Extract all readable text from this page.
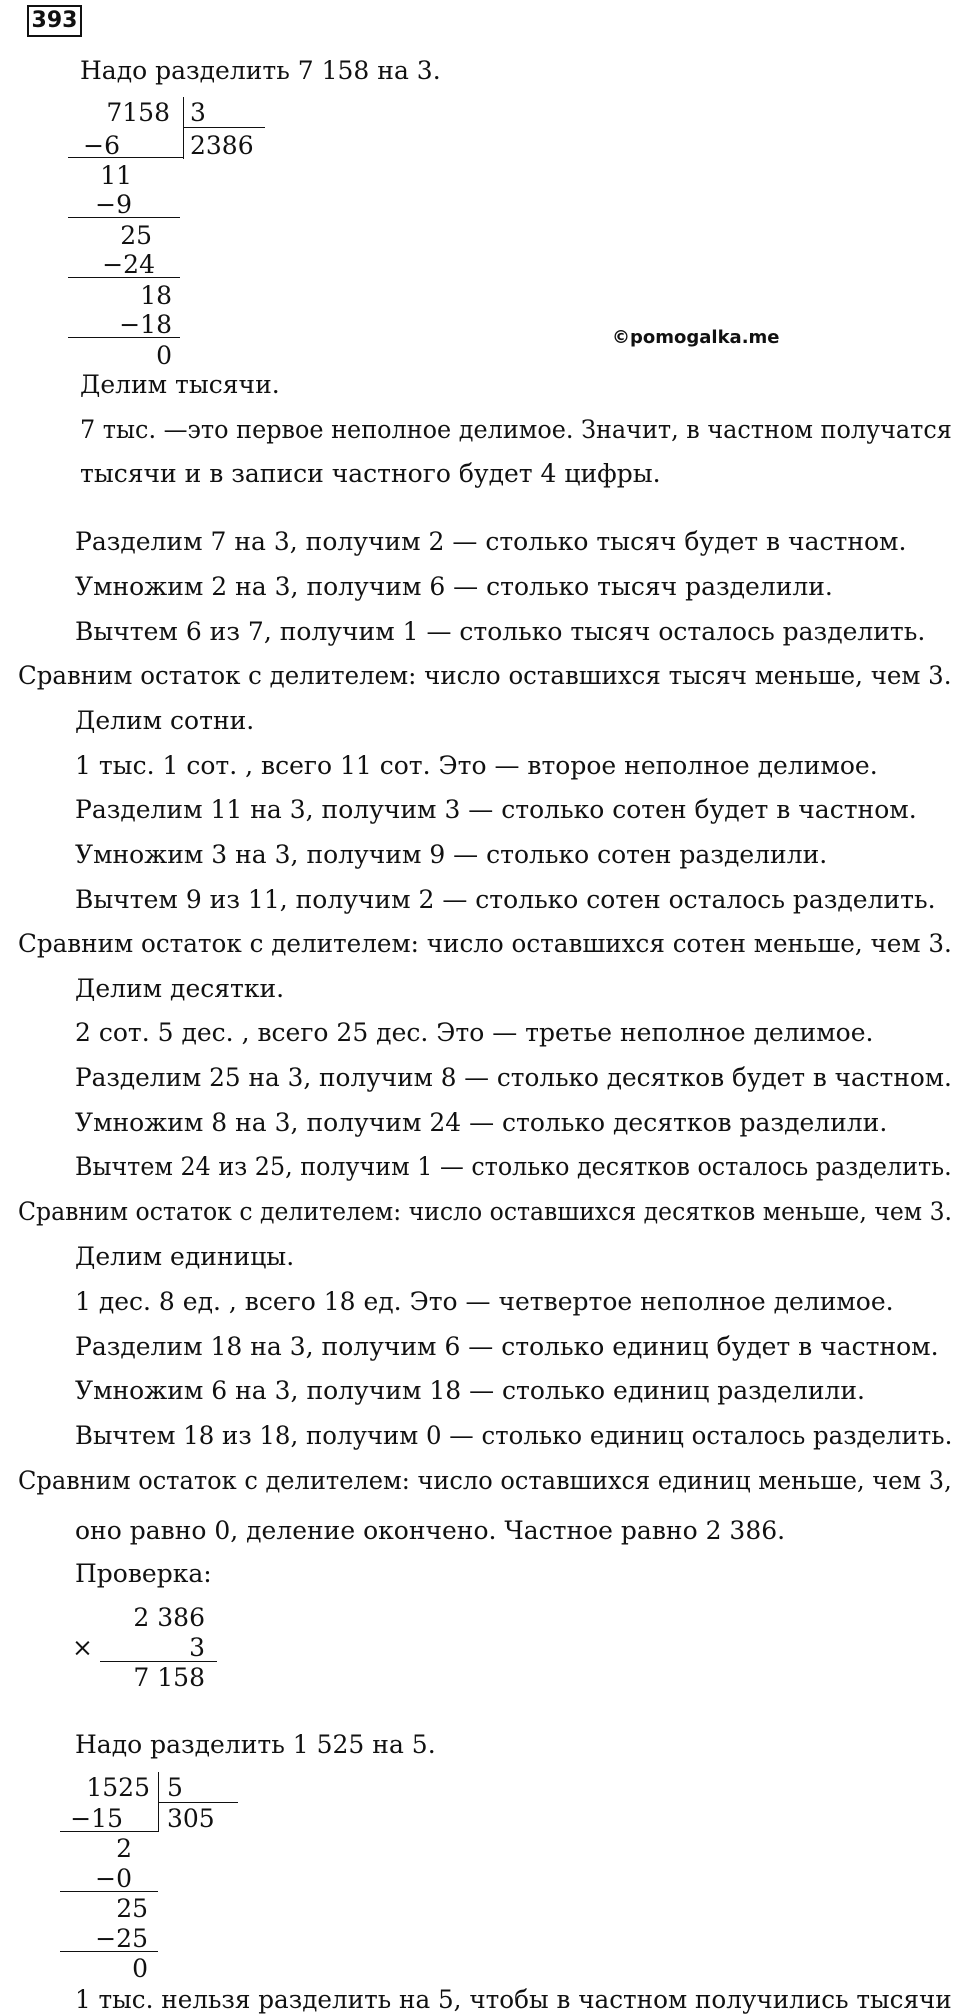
393
©pomogalka.me
Надо разделить 7 158 на 3.
7158 3
2386
−6
11
−9
25
−24
18
−18
0
Делим тысячи.
7 тыс. —это первое неполное делимое. Значит, в частном получатся
тысячи и в записи частного будет 4 цифры.
Разделим 7 на 3, получим 2 — столько тысяч будет в частном.
Умножим 2 на 3, получим 6 — столько тысяч разделили.
Вычтем 6 из 7, получим 1 — столько тысяч осталось разделить.
Сравним остаток с делителем: число оставшихся тысяч меньше, чем 3.
Делим сотни.
1 тыс. 1 сот. , всего 11 сот. Это — второе неполное делимое.
Разделим 11 на 3, получим 3 — столько сотен будет в частном.
Умножим 3 на 3, получим 9 — столько сотен разделили.
Вычтем 9 из 11, получим 2 — столько сотен осталось разделить.
Сравним остаток с делителем: число оставшихся сотен меньше, чем 3.
Делим десятки.
2 сот. 5 дес. , всего 25 дес. Это — третье неполное делимое.
Разделим 25 на 3, получим 8 — столько десятков будет в частном.
Умножим 8 на 3, получим 24 — столько десятков разделили.
Вычтем 24 из 25, получим 1 — столько десятков осталось разделить.
Сравним остаток с делителем: число оставшихся десятков меньше, чем 3.
Делим единицы.
1 дес. 8 ед. , всего 18 ед. Это — четвертое неполное делимое.
Разделим 18 на 3, получим 6 — столько единиц будет в частном.
Умножим 6 на 3, получим 18 — столько единиц разделили.
Вычтем 18 из 18, получим 0 — столько единиц осталось разделить.
Сравним остаток с делителем: число оставшихся единиц меньше, чем 3,
оно равно 0, деление окончено. Частное равно 2 386.
Проверка:
2 386
×	3
7 158
Надо разделить 1 525 на 5.
1525 5
305
−15
2
−0
25
−25
0
1 тыс. нельзя разделить на 5, чтобы в частном получились тысячи
